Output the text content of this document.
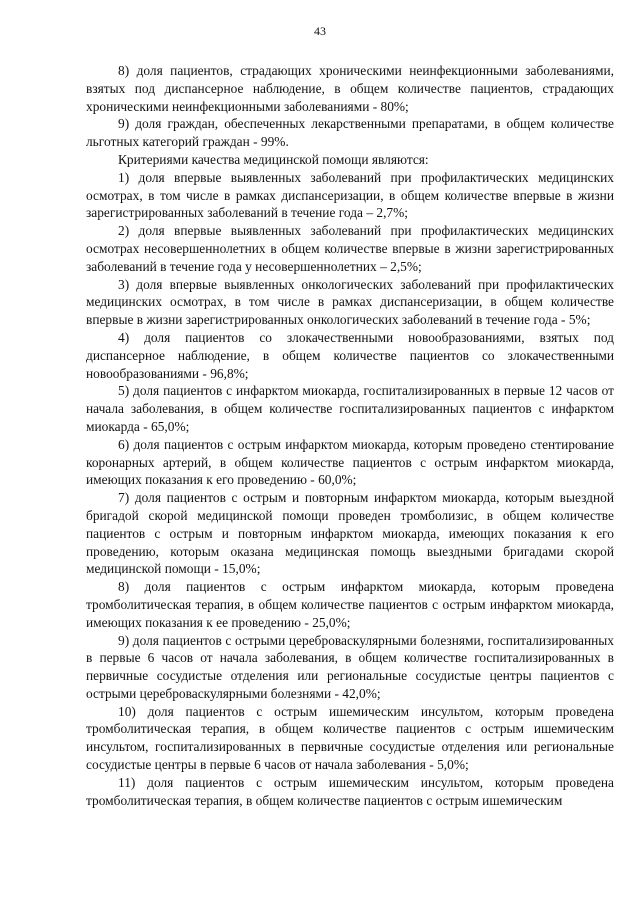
43

8) доля пациентов, страдающих хроническими неинфекционными заболеваниями, взятых под диспансерное наблюдение, в общем количестве пациентов, страдающих хроническими неинфекционными заболеваниями - 80%;

9) доля граждан, обеспеченных лекарственными препаратами, в общем количестве льготных категорий граждан - 99%.

Критериями качества медицинской помощи являются:

1) доля впервые выявленных заболеваний при профилактических медицинских осмотрах, в том числе в рамках диспансеризации, в общем количестве впервые в жизни зарегистрированных заболеваний в течение года – 2,7%;

2) доля впервые выявленных заболеваний при профилактических медицинских осмотрах несовершеннолетних в общем количестве впервые в жизни зарегистрированных заболеваний в течение года у несовершеннолетних – 2,5%;

3) доля впервые выявленных онкологических заболеваний при профилактических медицинских осмотрах, в том числе в рамках диспансеризации, в общем количестве впервые в жизни зарегистрированных онкологических заболеваний в течение года - 5%;

4) доля пациентов со злокачественными новообразованиями, взятых под диспансерное наблюдение, в общем количестве пациентов со злокачественными новообразованиями - 96,8%;

5) доля пациентов с инфарктом миокарда, госпитализированных в первые 12 часов от начала заболевания, в общем количестве госпитализированных пациентов с инфарктом миокарда - 65,0%;

6) доля пациентов с острым инфарктом миокарда, которым проведено стентирование коронарных артерий, в общем количестве пациентов с острым инфарктом миокарда, имеющих показания к его проведению - 60,0%;

7) доля пациентов с острым и повторным инфарктом миокарда, которым выездной бригадой скорой медицинской помощи проведен тромболизис, в общем количестве пациентов с острым и повторным инфарктом миокарда, имеющих показания к его проведению, которым оказана медицинская помощь выездными бригадами скорой медицинской помощи - 15,0%;

8) доля пациентов с острым инфарктом миокарда, которым проведена тромболитическая терапия, в общем количестве пациентов с острым инфарктом миокарда, имеющих показания к ее проведению - 25,0%;

9) доля пациентов с острыми цереброваскулярными болезнями, госпитализированных в первые 6 часов от начала заболевания, в общем количестве госпитализированных в первичные сосудистые отделения или региональные сосудистые центры пациентов с острыми цереброваскулярными болезнями - 42,0%;

10) доля пациентов с острым ишемическим инсультом, которым проведена тромболитическая терапия, в общем количестве пациентов с острым ишемическим инсультом, госпитализированных в первичные сосудистые отделения или региональные сосудистые центры в первые 6 часов от начала заболевания - 5,0%;

11) доля пациентов с острым ишемическим инсультом, которым проведена тромболитическая терапия, в общем количестве пациентов с острым ишемическим
